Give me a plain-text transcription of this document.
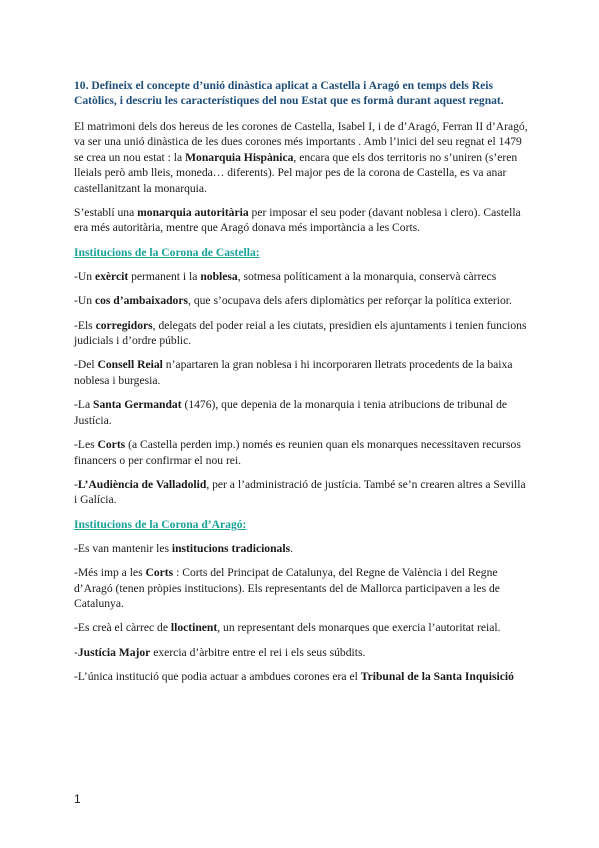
10. Defineix el concepte d’unió dinàstica aplicat a Castella i Aragó en temps dels Reis Catòlics, i descriu les característiques del nou Estat que es formà durant aquest regnat.

El matrimoni dels dos hereus de les corones de Castella, Isabel I, i de d’Aragó, Ferran II d’Aragó, va ser una unió dinàstica de les dues corones més importants . Amb l’inici del seu regnat el 1479 se crea un nou estat : la Monarquia Hispànica, encara que els dos territoris no s’uniren (s’eren lleials però amb lleis, moneda… diferents). Pel major pes de la corona de Castella, es va anar castellanitzant la monarquia.

S’establí una monarquia autoritària per imposar el seu poder (davant noblesa i clero). Castella era més autoritària, mentre que Aragó donava més importància a les Corts.

Institucions de la Corona de Castella:

-Un exèrcit permanent i la noblesa, sotmesa políticament a la monarquia, conservà càrrecs

-Un cos d’ambaixadors, que s’ocupava dels afers diplomàtics per reforçar la política exterior.

-Els corregidors, delegats del poder reial a les ciutats, presidien els ajuntaments i tenien funcions judicials i d’ordre públic.

-Del Consell Reial n’apartaren la gran noblesa i hi incorporaren lletrats procedents de la baixa noblesa i burgesia.

-La Santa Germandat (1476), que depenia de la monarquia i tenia atribucions de tribunal de Justícia.

-Les Corts (a Castella perden imp.) només es reunien quan els monarques necessitaven recursos financers o per confirmar el nou rei.

-L’Audiència de Valladolid, per a l’administració de justícia. També se’n crearen altres a Sevilla i Galícia.

Institucions de la Corona d’Aragó:

-Es van mantenir les institucions tradicionals.

-Més imp a les Corts : Corts del Principat de Catalunya, del Regne de València i del Regne d’Aragó (tenen pròpies institucions). Els representants del de Mallorca participaven a les de Catalunya.

-Es creà el càrrec de lloctinent, un representant dels monarques que exercia l’autoritat reial.

-Justícia Major exercia d’àrbitre entre el rei i els seus súbdits.

-L’única institució que podia actuar a ambdues corones era el Tribunal de la Santa Inquisició

1
